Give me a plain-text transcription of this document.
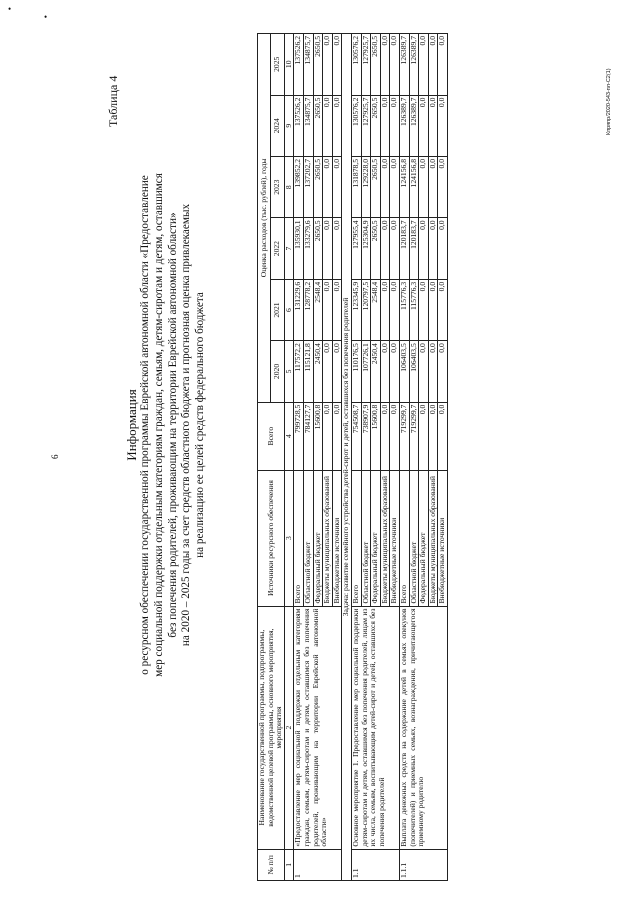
•
•
6
Таблица 4
Информация о ресурсном обеспечении государственной программы Еврейской автономной области «Предоставление мер социальной поддержки отдельным категориям граждан, семьям, детям-сиротам и детям, оставшимся без попечения родителей, проживающим на территории Еврейской автономной области» на 2020 – 2025 годы за счет средств областного бюджета и прогнозная оценка привлекаемых на реализацию ее целей средств федерального бюджета
№ п/п	Наименование государственной программы, подпрограммы, ведомственной целевой программы, основного мероприятия, мероприятия	Источники ресурсного обеспечения	Всего	Оценка расходов (тыс. рублей), годы					
				2020	2021	2022	2023	2024	2025
1	2	3	4	5	6	7	8	9	10
1	«Предоставление мер социальной поддержки отдельным категориям граждан, семьям, детям-сиротам и детям, оставшимся без попечения родителей, проживающим на территории Еврейской автономной области»	Всего	799728,5	117572,2	131229,6	135930,1	139852,2	137526,2	137526,2
		Областной бюджет	784127,7	115121,8	128778,2	133279,6	137202,7	134875,7	134875,7
		Федеральный бюджет	15600,8	2450,4	2548,4	2650,5	2650,5	2650,5	2650,5
		Бюджеты муниципальных образований	0,0	0,0	0,0	0,0	0,0	0,0	0,0
		Внебюджетные источники	0,0	0,0	0,0	0,0	0,0	0,0	0,0
Задача: развитие семейного устройства детей-сирот и детей, оставшихся без попечения родителей									
1.1	Основное мероприятие 1. Предоставление мер социальной поддержки детям-сиротам и детям, оставшимся без попечения родителей, лицам из их числа, семьям, воспитывающим детей-сирот и детей, оставшихся без попечения родителей	Всего	754508,7	110176,5	123345,9	127955,4	131878,5	130576,2	130576,2
		Областной бюджет	738907,9	107726,1	120797,5	125304,9	129228,0	127925,7	127925,7
		Федеральный бюджет	15600,8	2450,4	2548,4	2650,5	2650,5	2650,5	2650,5
		Бюджеты муниципальных образований	0,0	0,0	0,0	0,0	0,0	0,0	0,0
		Внебюджетные источники	0,0	0,0	0,0	0,0	0,0	0,0	0,0
1.1.1	Выплата денежных средств на содержание детей в семьях опекунов (попечителей) и приемных семьях, вознаграждения, причитающегося приемному родителю	Всего	719299,7	106403,5	115776,3	120183,7	124156,8	126389,7	126389,7
		Областной бюджет	719299,7	106403,5	115776,3	120183,7	124156,8	126389,7	126389,7
		Федеральный бюджет	0,0	0,0	0,0	0,0	0,0	0,0	0,0
		Бюджеты муниципальных образований	0,0	0,0	0,0	0,0	0,0	0,0	0,0
		Внебюджетные источники	0,0	0,0	0,0	0,0	0,0	0,0	0,0
Кпряпр/2020-543-пл-С2(1)
